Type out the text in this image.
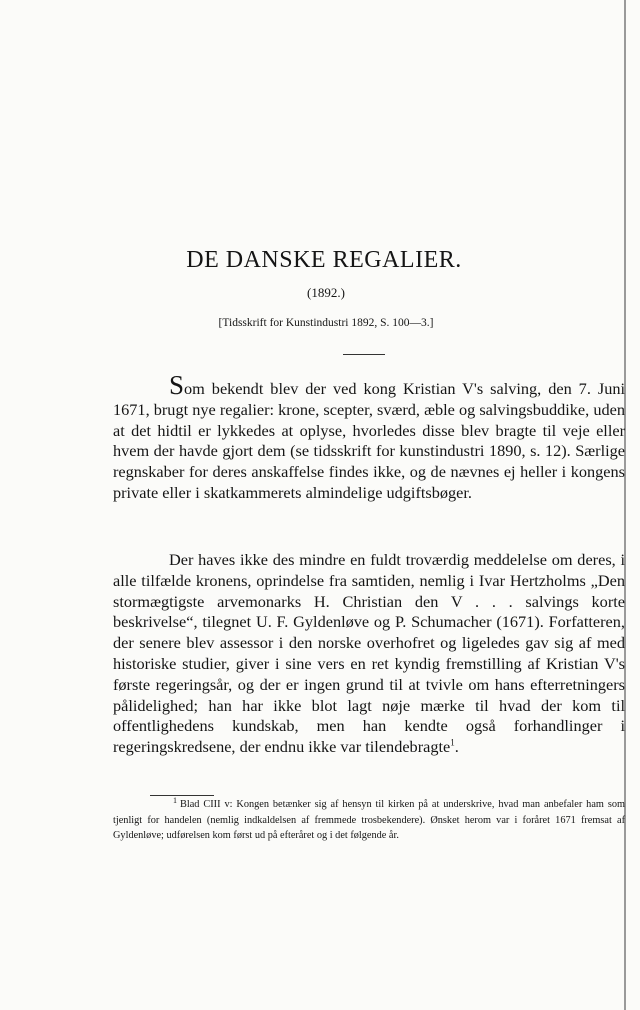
DE DANSKE REGALIER.
(1892.)
[Tidsskrift for Kunstindustri 1892, S. 100—3.]

Som bekendt blev der ved kong Kristian V's salving, den 7. Juni 1671, brugt nye regalier: krone, scepter, sværd, æble og salvingsbuddike, uden at det hidtil er lykkedes at oplyse, hvorledes disse blev bragte til veje eller hvem der havde gjort dem (se tidsskrift for kunstindustri 1890, s. 12). Særlige regnskaber for deres anskaffelse findes ikke, og de nævnes ej heller i kongens private eller i skatkammerets almindelige udgiftsbøger.

Der haves ikke des mindre en fuldt troværdig meddelelse om deres, i alle tilfælde kronens, oprindelse fra samtiden, nemlig i Ivar Hertzholms „Den stormægtigste arvemonarks H. Christian den V . . . salvings korte beskrivelse“, tilegnet U. F. Gyldenløve og P. Schumacher (1671). Forfatteren, der senere blev assessor i den norske overhofret og ligeledes gav sig af med historiske studier, giver i sine vers en ret kyndig fremstilling af Kristian V's første regeringsår, og der er ingen grund til at tvivle om hans efterretningers pålidelighed; han har ikke blot lagt nøje mærke til hvad der kom til offentlighedens kundskab, men han kendte også forhandlinger i regeringskredsene, der endnu ikke var tilendebragte$^1$.

$^1$ Blad CIII v: Kongen betænker sig af hensyn til kirken på at underskrive, hvad man anbefaler ham som tjenligt for handelen (nemlig indkaldelsen af fremmede trosbekendere). Ønsket herom var i foråret 1671 fremsat af Gyldenløve; udførelsen kom først ud på efteråret og i det følgende år.
